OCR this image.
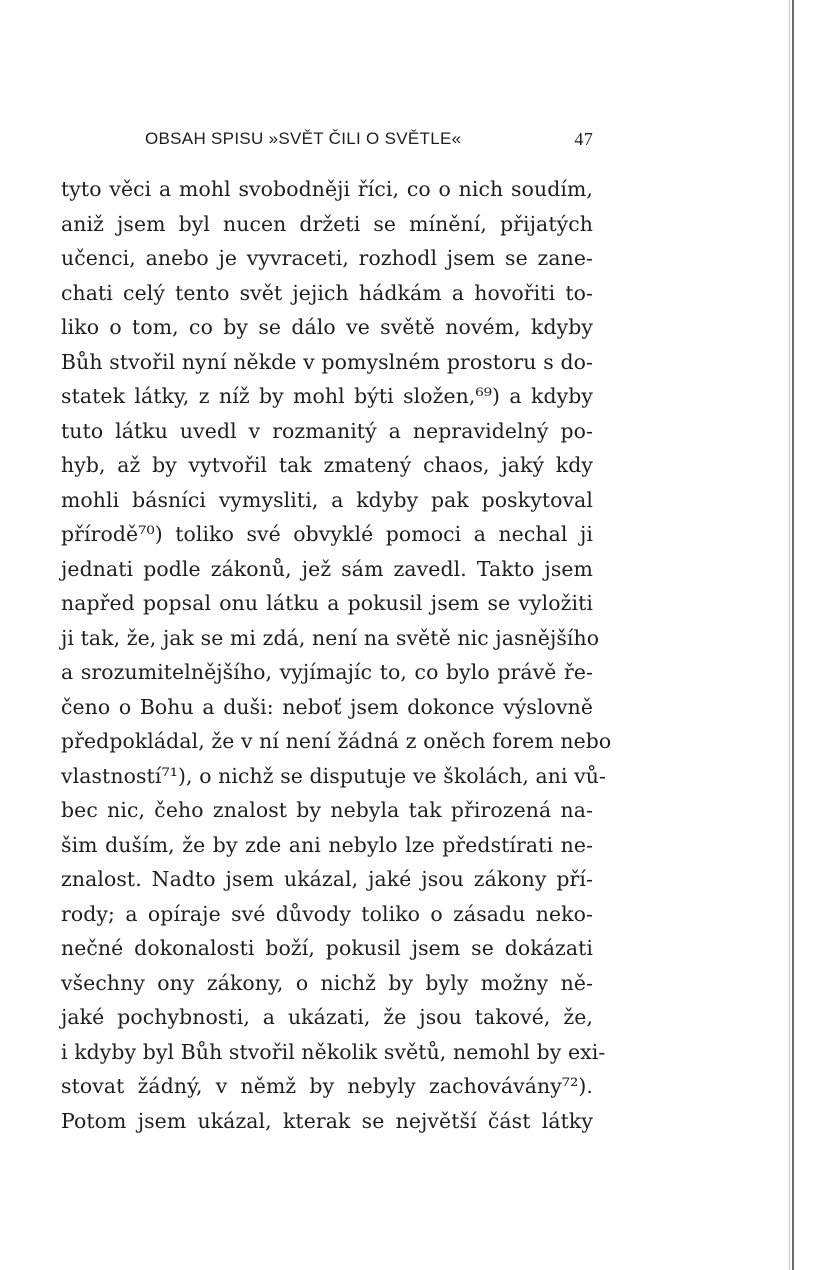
OBSAH SPISU »SVĚT ČILI O SVĚTLE«	47
tyto věci a mohl svobodněji říci, co o nich soudím,
aniž jsem byl nucen držeti se mínění, přijatých
učenci, anebo je vyvraceti, rozhodl jsem se zane-
chati celý tento svět jejich hádkám a hovořiti to-
liko o tom, co by se dálo ve světě novém, kdyby
Bůh stvořil nyní někde v pomyslném prostoru s do-
statek látky, z níž by mohl býti složen,⁶⁹) a kdyby
tuto látku uvedl v rozmanitý a nepravidelný po-
hyb, až by vytvořil tak zmatený chaos, jaký kdy
mohli básníci vymysliti, a kdyby pak poskytoval
přírodě⁷⁰) toliko své obvyklé pomoci a nechal ji
jednati podle zákonů, jež sám zavedl. Takto jsem
napřed popsal onu látku a pokusil jsem se vyložiti
ji tak, že, jak se mi zdá, není na světě nic jasnějšího
a srozumitelnějšího, vyjímajíc to, co bylo právě ře-
čeno o Bohu a duši: neboť jsem dokonce výslovně
předpokládal, že v ní není žádná z oněch forem nebo
vlastností⁷¹), o nichž se disputuje ve školách, ani vů-
bec nic, čeho znalost by nebyla tak přirozená na-
šim duším, že by zde ani nebylo lze předstírati ne-
znalost. Nadto jsem ukázal, jaké jsou zákony pří-
rody; a opíraje své důvody toliko o zásadu neko-
nečné dokonalosti boží, pokusil jsem se dokázati
všechny ony zákony, o nichž by byly možny ně-
jaké pochybnosti, a ukázati, že jsou takové, že,
i kdyby byl Bůh stvořil několik světů, nemohl by exi-
stovat žádný, v němž by nebyly zachovávány⁷²).
Potom jsem ukázal, kterak se největší část látky
